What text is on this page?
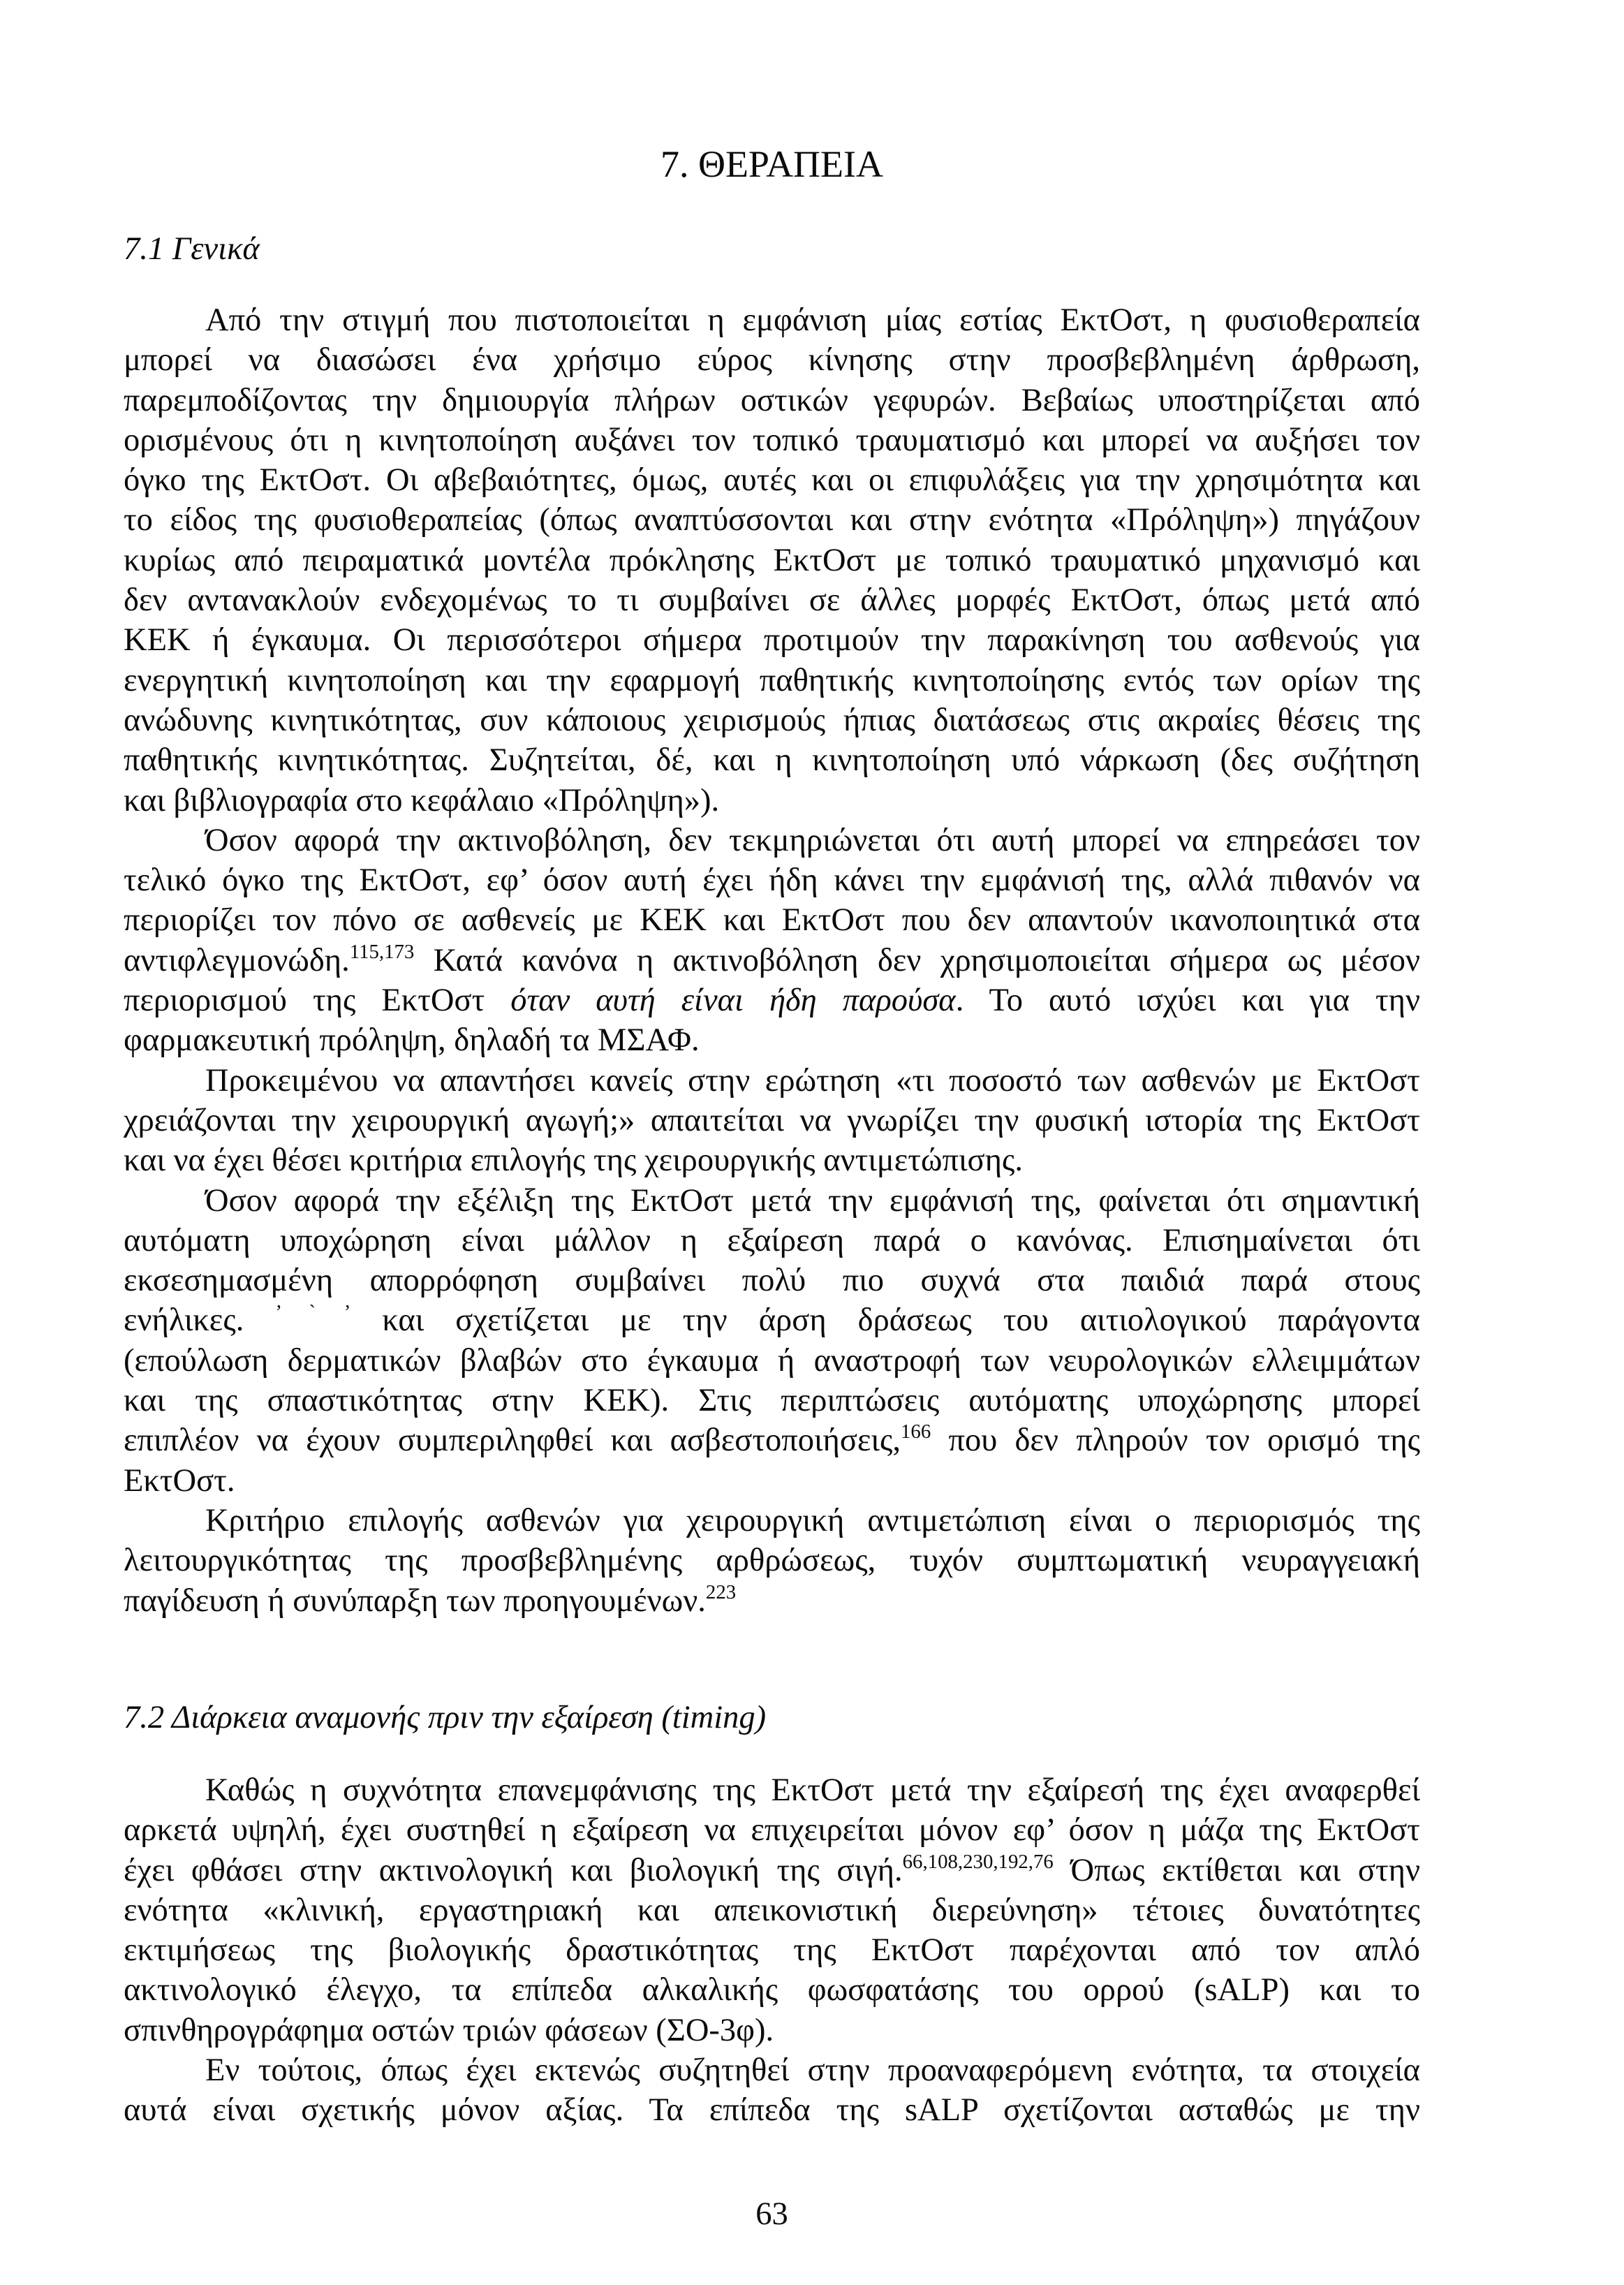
7. ΘΕΡΑΠΕΙΑ
7.1 Γενικά
Από την στιγμή που πιστοποιείται η εμφάνιση μίας εστίας ΕκτΟστ, η φυσιοθεραπεία
μπορεί να διασώσει ένα χρήσιμο εύρος κίνησης στην προσβεβλημένη άρθρωση,
παρεμποδίζοντας την δημιουργία πλήρων οστικών γεφυρών. Βεβαίως υποστηρίζεται από
ορισμένους ότι η κινητοποίηση αυξάνει τον τοπικό τραυματισμό και μπορεί να αυξήσει τον
όγκο της ΕκτΟστ. Οι αβεβαιότητες, όμως, αυτές και οι επιφυλάξεις για την χρησιμότητα και
το είδος της φυσιοθεραπείας (όπως αναπτύσσονται και στην ενότητα «Πρόληψη») πηγάζουν
κυρίως από πειραματικά μοντέλα πρόκλησης ΕκτΟστ με τοπικό τραυματικό μηχανισμό και
δεν αντανακλούν ενδεχομένως το τι συμβαίνει σε άλλες μορφές ΕκτΟστ, όπως μετά από
ΚΕΚ ή έγκαυμα. Οι περισσότεροι σήμερα προτιμούν την παρακίνηση του ασθενούς για
ενεργητική κινητοποίηση και την εφαρμογή παθητικής κινητοποίησης εντός των ορίων της
ανώδυνης κινητικότητας, συν κάποιους χειρισμούς ήπιας διατάσεως στις ακραίες θέσεις της
παθητικής κινητικότητας. Συζητείται, δέ, και η κινητοποίηση υπό νάρκωση (δες συζήτηση
και βιβλιογραφία στο κεφάλαιο «Πρόληψη»).
Όσον αφορά την ακτινοβόληση, δεν τεκμηριώνεται ότι αυτή μπορεί να επηρεάσει τον
τελικό όγκο της ΕκτΟστ, εφ’ όσον αυτή έχει ήδη κάνει την εμφάνισή της, αλλά πιθανόν να
περιορίζει τον πόνο σε ασθενείς με ΚΕΚ και ΕκτΟστ που δεν απαντούν ικανοποιητικά στα
αντιφλεγμονώδη.$^{115,173}$ Κατά κανόνα η ακτινοβόληση δεν χρησιμοποιείται σήμερα ως μέσον
περιορισμού της ΕκτΟστ όταν αυτή είναι ήδη παρούσα. Το αυτό ισχύει και για την
φαρμακευτική πρόληψη, δηλαδή τα ΜΣΑΦ.
Προκειμένου να απαντήσει κανείς στην ερώτηση «τι ποσοστό των ασθενών με ΕκτΟστ
χρειάζονται την χειρουργική αγωγή;» απαιτείται να γνωρίζει την φυσική ιστορία της ΕκτΟστ
και να έχει θέσει κριτήρια επιλογής της χειρουργικής αντιμετώπισης.
Όσον αφορά την εξέλιξη της ΕκτΟστ μετά την εμφάνισή της, φαίνεται ότι σημαντική
αυτόματη υποχώρηση είναι μάλλον η εξαίρεση παρά ο κανόνας. Επισημαίνεται ότι
εκσεσημασμένη απορρόφηση συμβαίνει πολύ πιο συχνά στα παιδιά παρά στους
ενήλικες. ’ ` ’ και σχετίζεται με την άρση δράσεως του αιτιολογικού παράγοντα
(επούλωση δερματικών βλαβών στο έγκαυμα ή αναστροφή των νευρολογικών ελλειμμάτων
και της σπαστικότητας στην ΚΕΚ). Στις περιπτώσεις αυτόματης υποχώρησης μπορεί
επιπλέον να έχουν συμπεριληφθεί και ασβεστοποιήσεις,$^{166}$ που δεν πληρούν τον ορισμό της
ΕκτΟστ.
Κριτήριο επιλογής ασθενών για χειρουργική αντιμετώπιση είναι ο περιορισμός της
λειτουργικότητας της προσβεβλημένης αρθρώσεως, τυχόν συμπτωματική νευραγγειακή
παγίδευση ή συνύπαρξη των προηγουμένων.$^{223}$
7.2 Διάρκεια αναμονής πριν την εξαίρεση (timing)
Καθώς η συχνότητα επανεμφάνισης της ΕκτΟστ μετά την εξαίρεσή της έχει αναφερθεί
αρκετά υψηλή, έχει συστηθεί η εξαίρεση να επιχειρείται μόνον εφ’ όσον η μάζα της ΕκτΟστ
έχει φθάσει στην ακτινολογική και βιολογική της σιγή.$^{66,108,230,192,76}$ Όπως εκτίθεται και στην
ενότητα «κλινική, εργαστηριακή και απεικονιστική διερεύνηση» τέτοιες δυνατότητες
εκτιμήσεως της βιολογικής δραστικότητας της ΕκτΟστ παρέχονται από τον απλό
ακτινολογικό έλεγχο, τα επίπεδα αλκαλικής φωσφατάσης του ορρού (sALP) και το
σπινθηρογράφημα οστών τριών φάσεων (ΣΟ-3φ).
Εν τούτοις, όπως έχει εκτενώς συζητηθεί στην προαναφερόμενη ενότητα, τα στοιχεία
αυτά είναι σχετικής μόνον αξίας. Τα επίπεδα της sALP σχετίζονται ασταθώς με την
63
